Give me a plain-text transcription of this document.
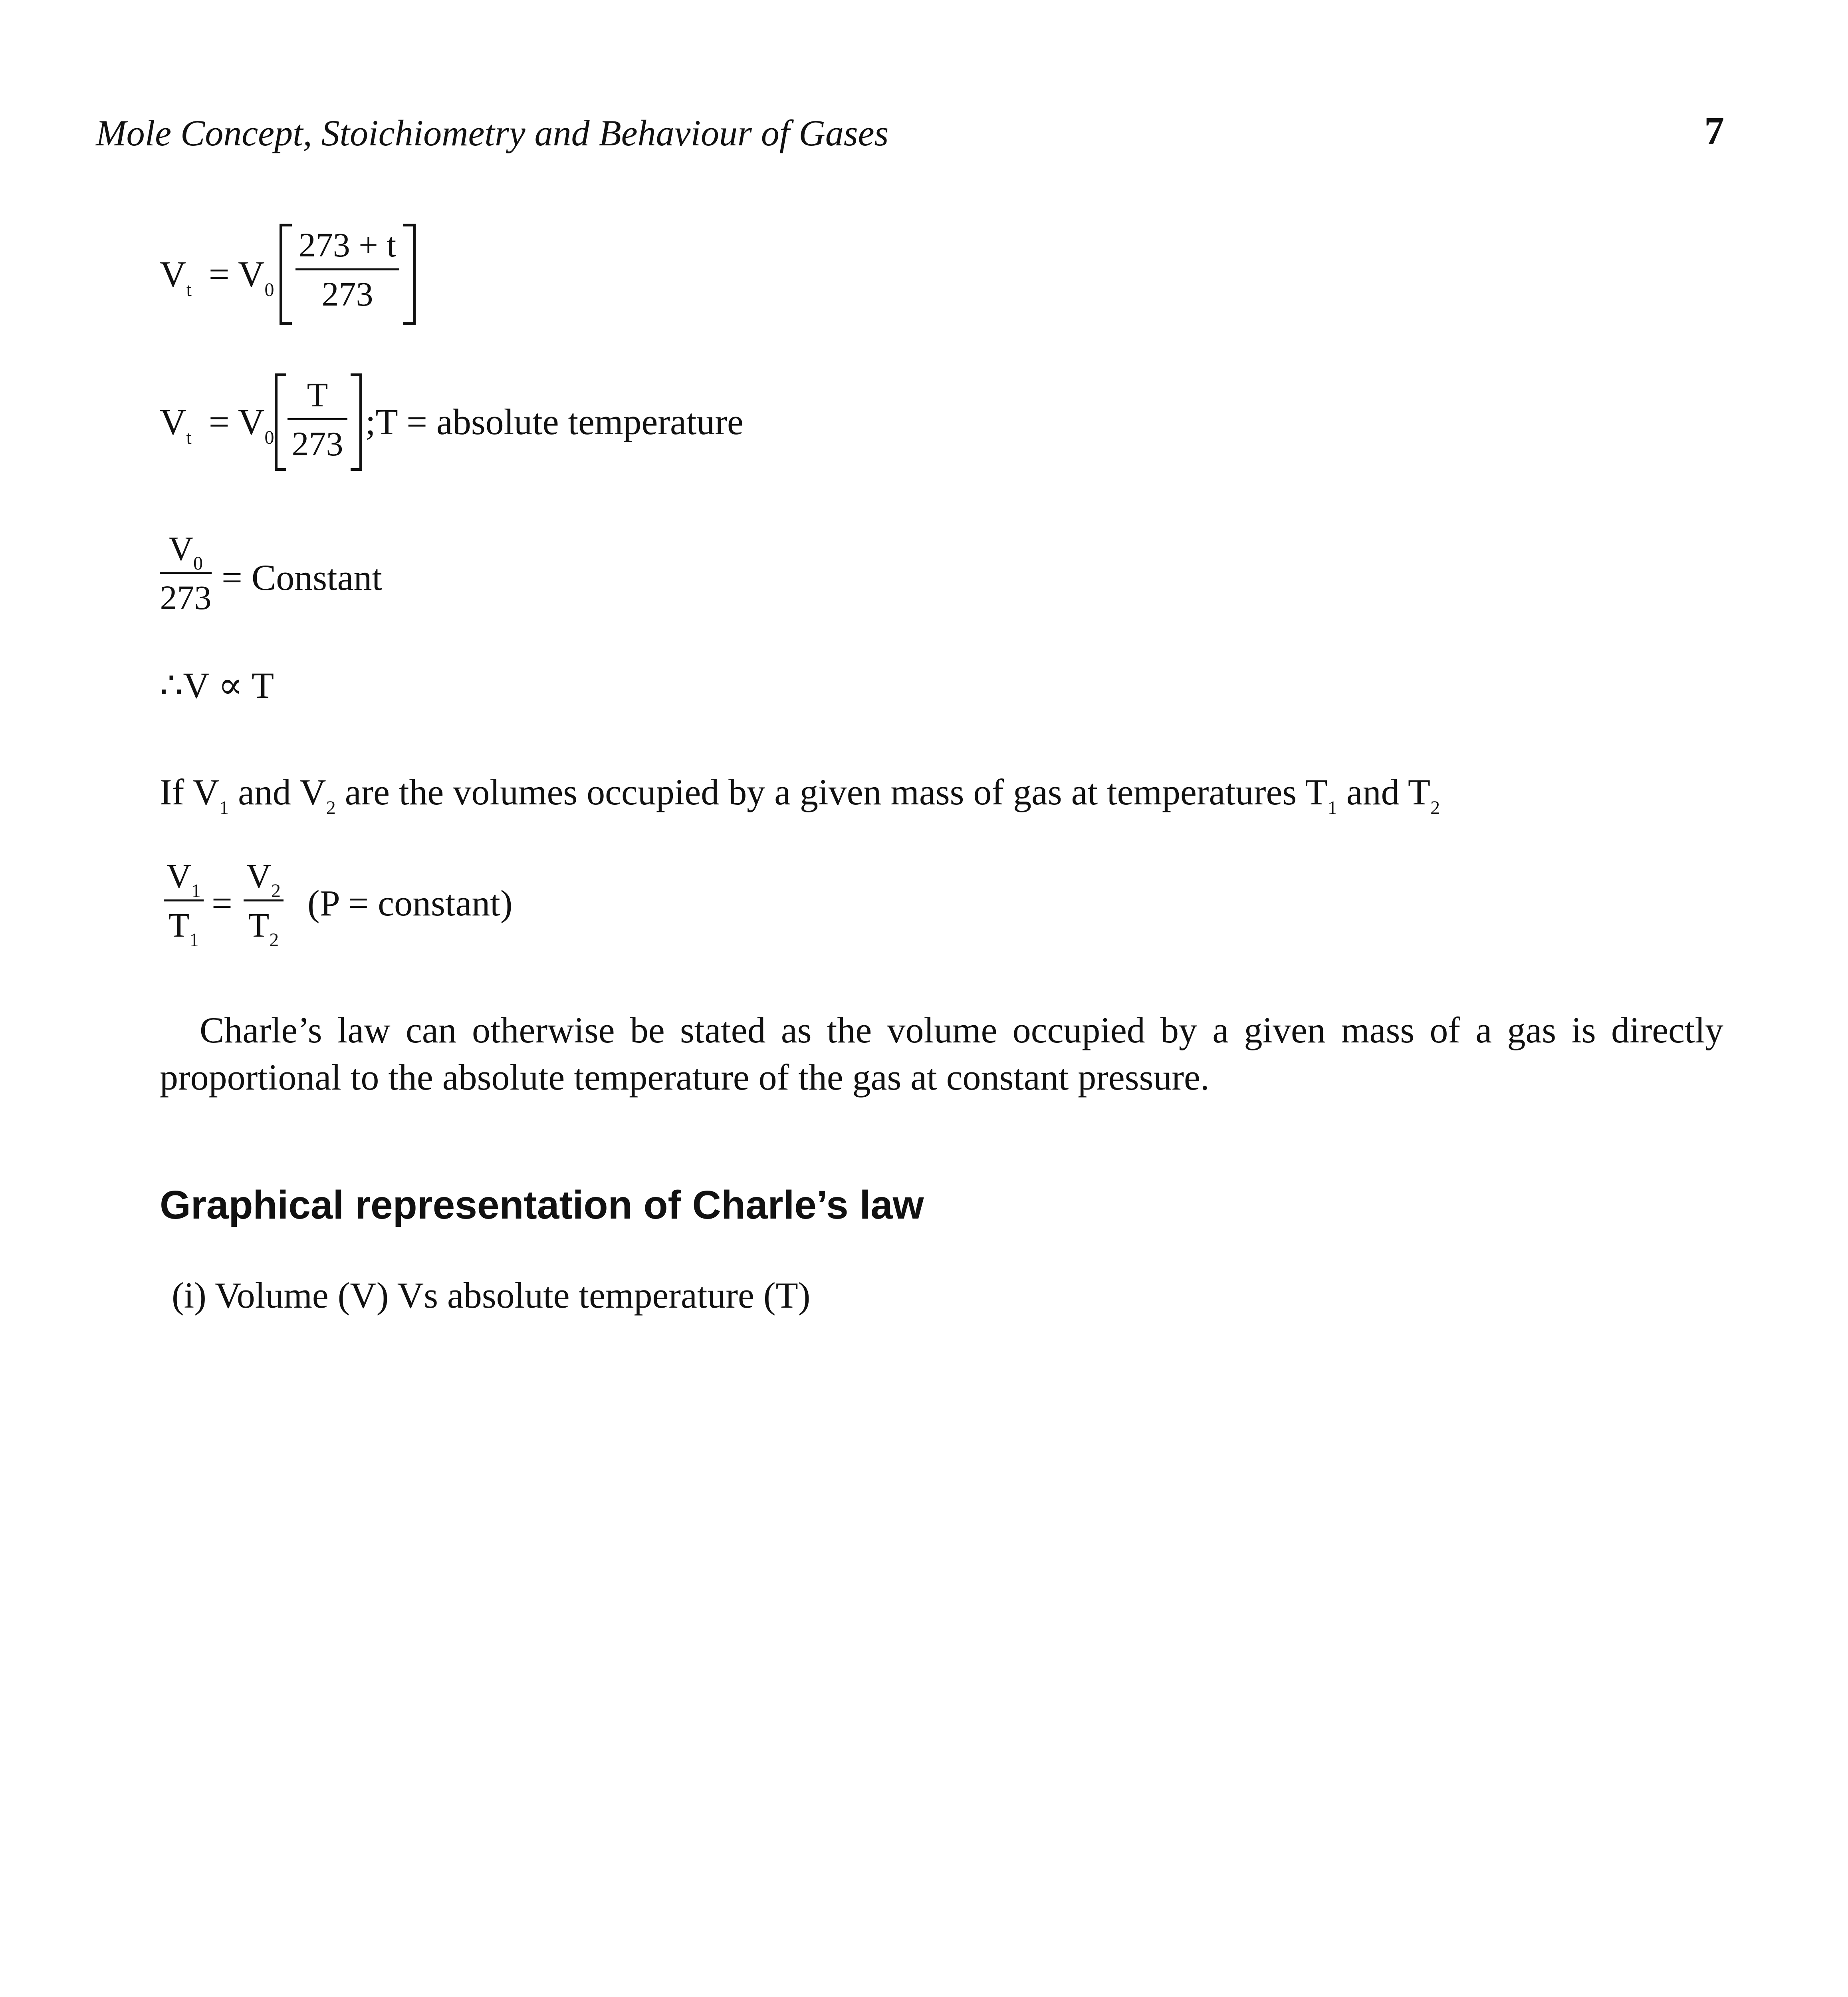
Mole Concept, Stoichiometry and Behaviour of Gases	7
$V_t = V_0$
273 + t
273
$V_t = V_0$
T
273
;T = absolute temperature
$V_0$
273 = Constant
∴V ∝ T
If $V_1$ and $V_2$ are the volumes occupied by a given mass of gas at temperatures $T_1$ and $T_2$
$V_1$
$T_1$
=
$V_2$
$T_2$
(P = constant)
Charle’s law can otherwise be stated as the volume occupied by a given mass of a gas is directly proportional to the absolute temperature of the gas at constant pressure.
Graphical representation of Charle’s law
(i) Volume (V) Vs absolute temperature (T)
